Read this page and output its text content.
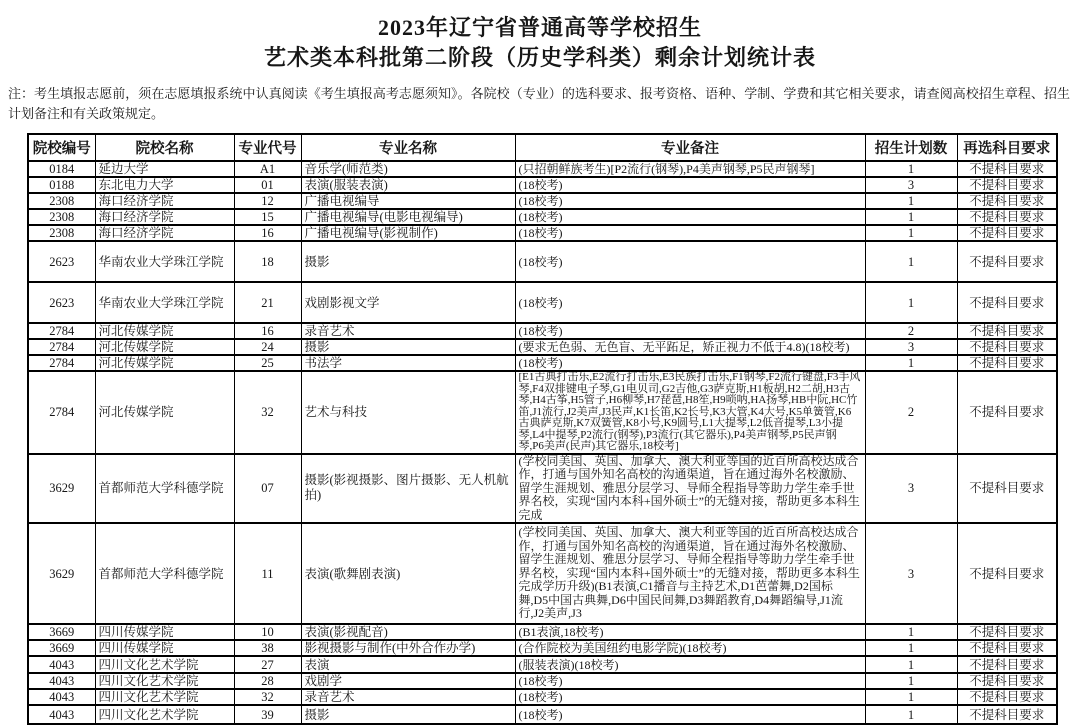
2023年辽宁省普通高等学校招生
艺术类本科批第二阶段（历史学科类）剩余计划统计表
注：考生填报志愿前，须在志愿填报系统中认真阅读《考生填报高考志愿须知》。各院校（专业）的选科要求、报考资格、语种、学制、学费和其它相关要求，请查阅高校招生章程、招生计划备注和有关政策规定。
院校编号	院校名称	专业代号	专业名称	专业备注	招生计划数	再选科目要求
0184	延边大学	A1	音乐学(师范类)	(只招朝鲜族考生)[P2流行(钢琴),P4美声钢琴,P5民声钢琴]	1	不提科目要求
0188	东北电力大学	01	表演(服装表演)	(18校考)	3	不提科目要求
2308	海口经济学院	12	广播电视编导	(18校考)	1	不提科目要求
2308	海口经济学院	15	广播电视编导(电影电视编导)	(18校考)	1	不提科目要求
2308	海口经济学院	16	广播电视编导(影视制作)	(18校考)	1	不提科目要求
2623	华南农业大学珠江学院	18	摄影	(18校考)	1	不提科目要求
2623	华南农业大学珠江学院	21	戏剧影视文学	(18校考)	1	不提科目要求
2784	河北传媒学院	16	录音艺术	(18校考)	2	不提科目要求
2784	河北传媒学院	24	摄影	(要求无色弱、无色盲、无平跖足，矫正视力不低于4.8)(18校考)	3	不提科目要求
2784	河北传媒学院	25	书法学	(18校考)	1	不提科目要求
2784	河北传媒学院	32	艺术与科技	[E1古典打击乐,E2流行打击乐,E3民族打击乐,F1钢琴,F2流行键盘,F3手风琴,F4双排键电子琴,G1电贝司,G2吉他,G3萨克斯,H1板胡,H2二胡,H3古琴,H4古筝,H5管子,H6柳琴,H7琵琶,H8笙,H9唢呐,HA扬琴,HB中阮,HC竹笛,J1流行,J2美声,J3民声,K1长笛,K2长号,K3大管,K4大号,K5单簧管,K6古典萨克斯,K7双簧管,K8小号,K9圆号,L1大提琴,L2低音提琴,L3小提琴,L4中提琴,P2流行(钢琴),P3流行(其它器乐),P4美声钢琴,P5民声钢琴,P6美声(民声)其它器乐,18校考]	2	不提科目要求
3629	首都师范大学科德学院	07	摄影(影视摄影、图片摄影、无人机航拍)	(学校同美国、英国、加拿大、澳大利亚等国的近百所高校达成合作，打通与国外知名高校的沟通渠道，旨在通过海外名校激励、留学生涯规划、雅思分层学习、导师全程指导等助力学生牵手世界名校，实现“国内本科+国外硕士”的无缝对接，帮助更多本科生完成	3	不提科目要求
3629	首都师范大学科德学院	11	表演(歌舞剧表演)	(学校同美国、英国、加拿大、澳大利亚等国的近百所高校达成合作，打通与国外知名高校的沟通渠道，旨在通过海外名校激励、留学生涯规划、雅思分层学习、导师全程指导等助力学生牵手世界名校，实现“国内本科+国外硕士”的无缝对接，帮助更多本科生完成学历升级)(B1表演,C1播音与主持艺术,D1芭蕾舞,D2国标舞,D5中国古典舞,D6中国民间舞,D3舞蹈教育,D4舞蹈编导,J1流行,J2美声,J3	3	不提科目要求
3669	四川传媒学院	10	表演(影视配音)	(B1表演,18校考)	1	不提科目要求
3669	四川传媒学院	38	影视摄影与制作(中外合作办学)	(合作院校为美国纽约电影学院)(18校考)	1	不提科目要求
4043	四川文化艺术学院	27	表演	(服装表演)(18校考)	1	不提科目要求
4043	四川文化艺术学院	28	戏剧学	(18校考)	1	不提科目要求
4043	四川文化艺术学院	32	录音艺术	(18校考)	1	不提科目要求
4043	四川文化艺术学院	39	摄影	(18校考)	1	不提科目要求
